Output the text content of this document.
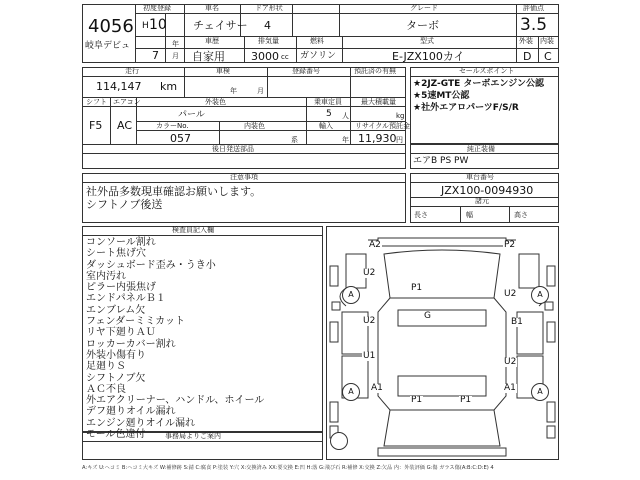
4056
岐阜デビュ
初度登録	車名	ドア形状	グレード	評価点
H 10
年
7 月
チェイサー 4	ターボ	3.5
車歴	排気量	燃料	型式	外装 内装
自家用 3000 cc ガソリン	E-JZX100カイ	D C
走行	車検	登録番号	預託済の有無
114,147 km	年	月
シフト エアコン	外装色	乗車定員	最大積載量
F5 AC
パール	5 人	kg
カラーNo.	内装色	輸入	リサイクル預託金
057	系	年 11,930 円
後日発送部品
セールスポイント
★2JZ-GTE ターボエンジン公認
★5速MT公認
★社外エアロパーツF/S/R
純正装備
エアB PS PW
注意事項
社外品多数現車確認お願いします。
シフトノブ後送
車台番号
JZX100-0094930
諸元
長さ	幅	高さ
検査員記入欄
コンソール割れ
シート焦げ穴
ダッシュボード歪み・うき小
室内汚れ
ピラー内張焦げ
エンドパネルＢ１
エンブレム欠
フェンダーミミカット
リヤ下廻りＡＵ
ロッカーカバー割れ
外装小傷有り
足廻りＳ
シフトノブ欠
ＡＣ不良
外エアクリーナー、ハンドル、ホイール
デフ廻りオイル漏れ
エンジン廻りオイル漏れ
モール色違付	事務局よりご案内
A	A
A	A
A2	P2
U2
P1
U2	G
U2
B1
U1
U2
A1	A1
P1	P1
A:キズ U:ヘコミ B:ヘコミ大キズ W:補修跡 S:錆 C:腐食 P:塗装 Y:穴 X:交換済み XX:要交換 E:凹 H:落 G:飛び石 R:補修 X:交換 Z:欠品 内：外装評価 G:傷 ガラス傷(A:B:C:D:E) 4
